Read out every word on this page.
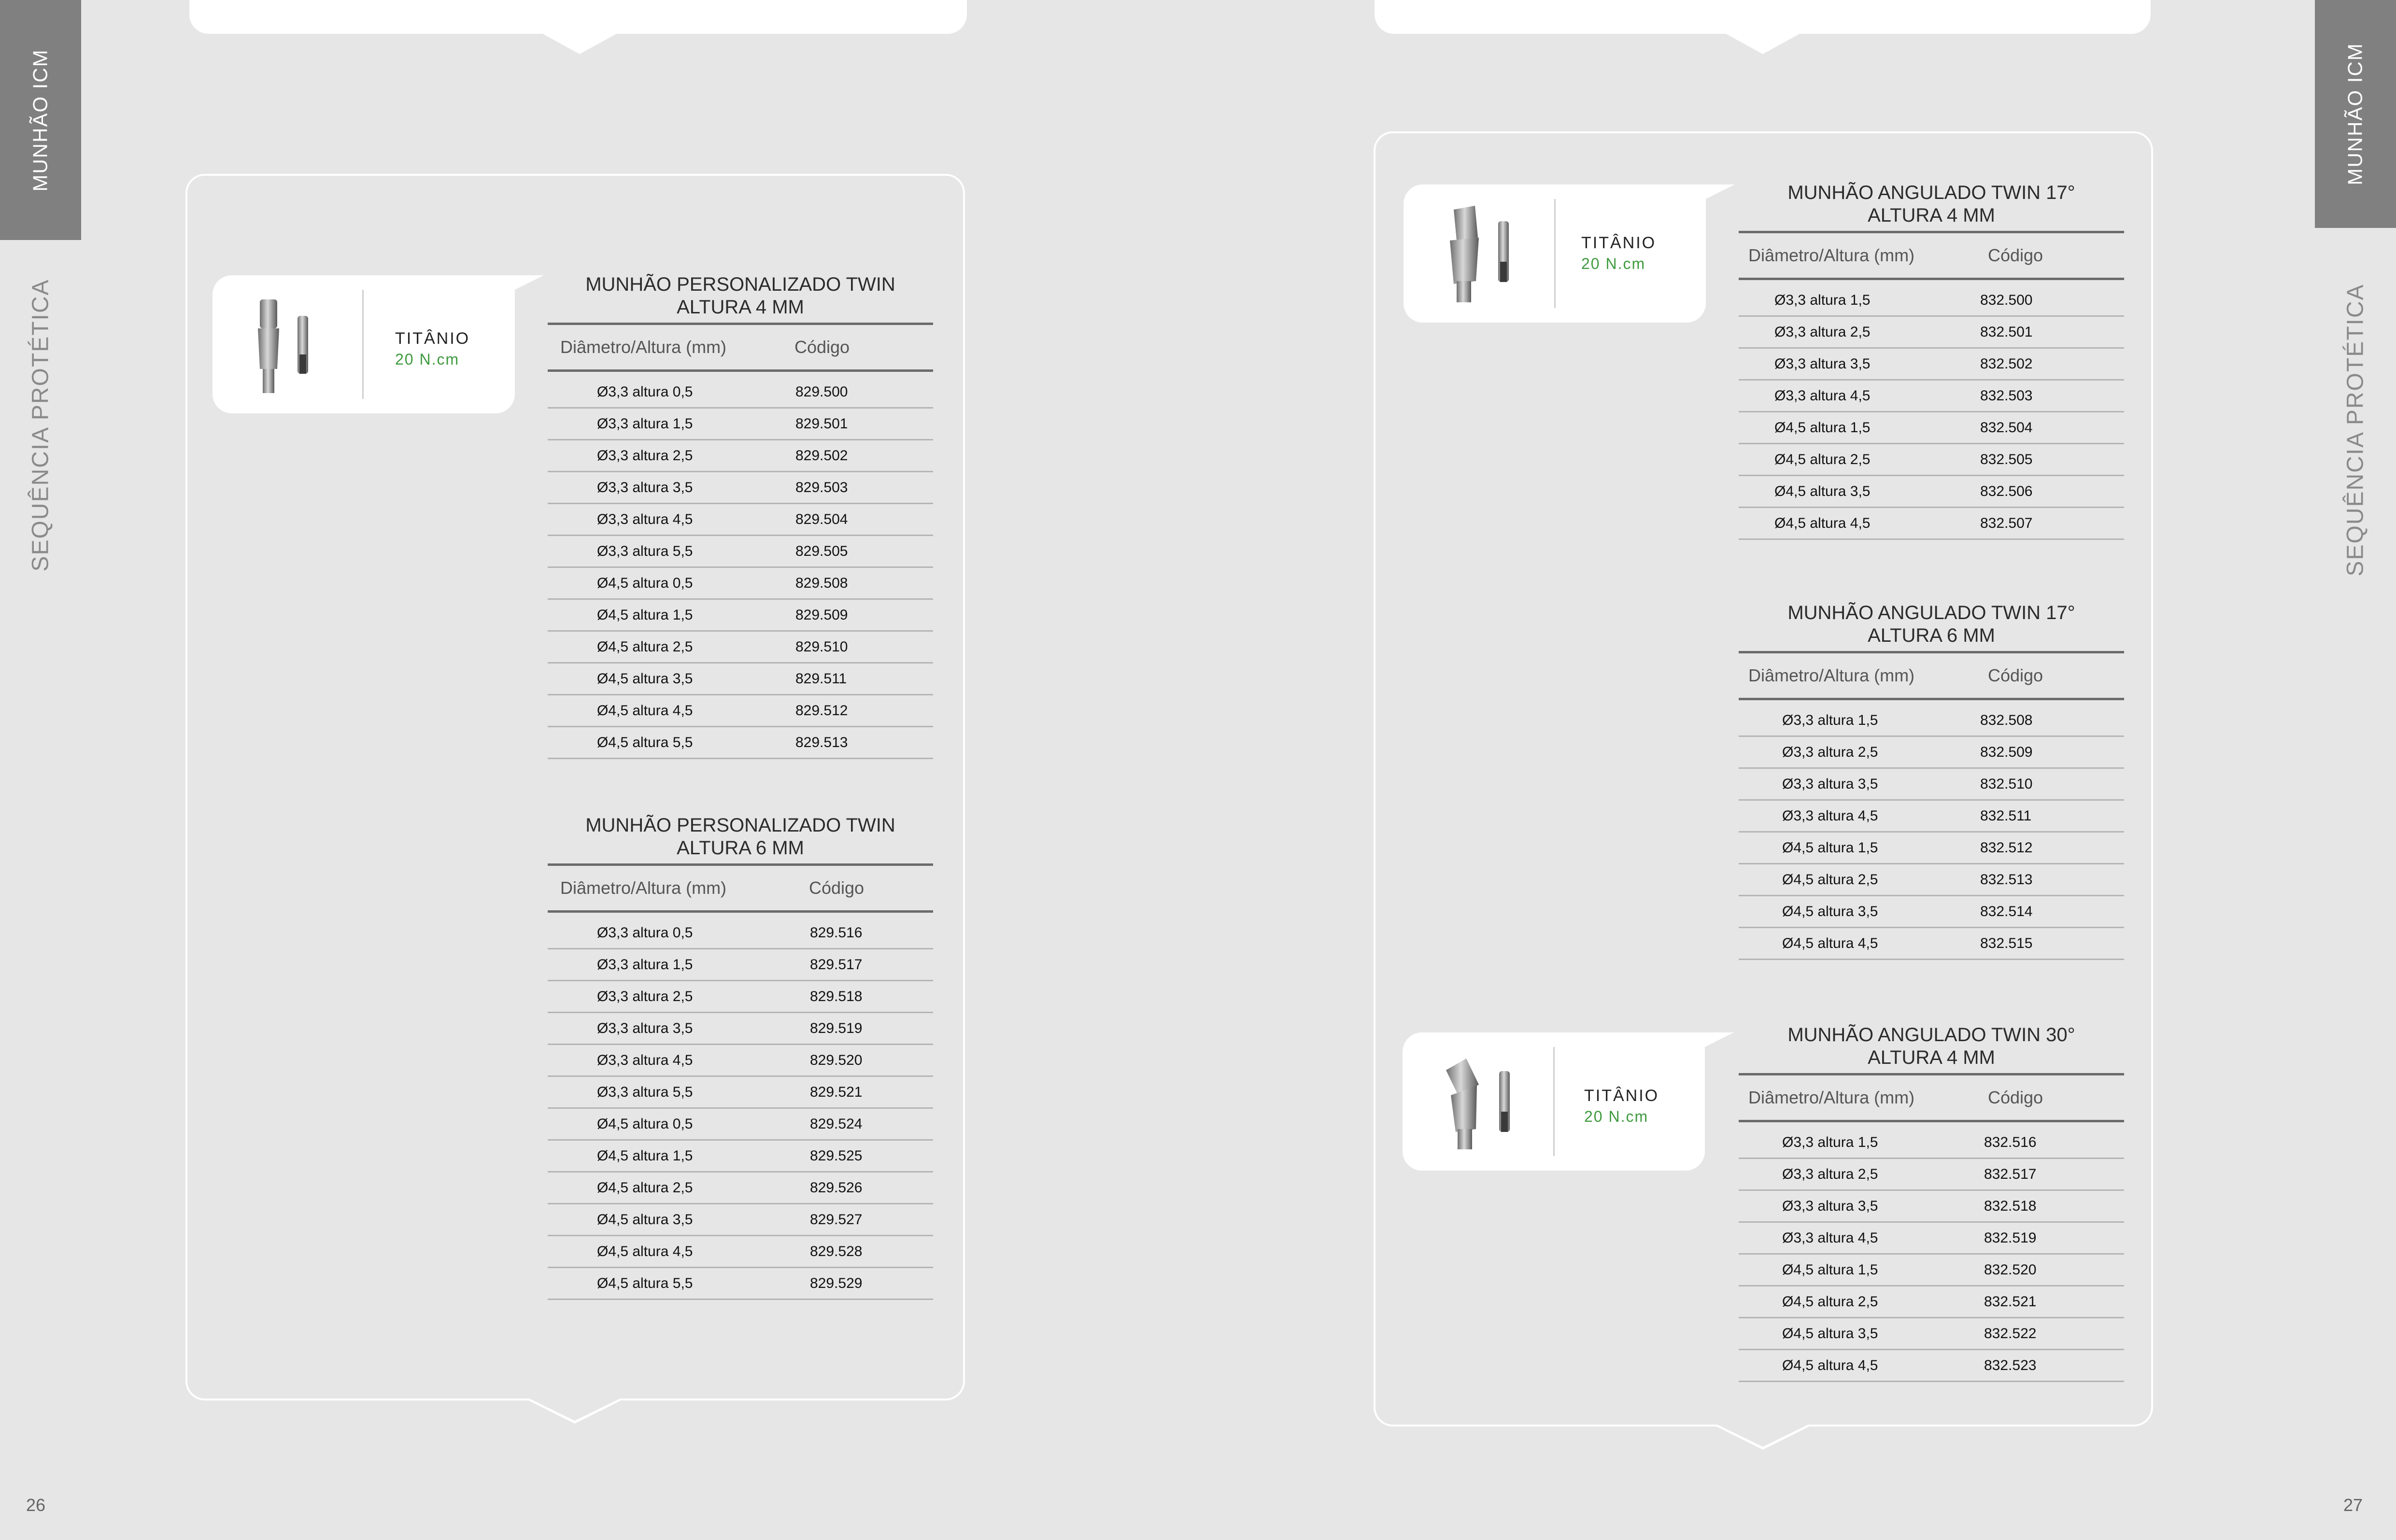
MUNHÃO ICM
SEQUÊNCIA PROTÉTICA	TITÂNIO
20 N.cm
MUNHÃO PERSONALIZADO TWIN
ALTURA 4 MM
Diâmetro/Altura (mm)	Código
Ø3,3 altura 0,5	829.500
Ø3,3 altura 1,5	829.501
Ø3,3 altura 2,5	829.502
Ø3,3 altura 3,5	829.503
Ø3,3 altura 4,5	829.504
Ø3,3 altura 5,5	829.505
Ø4,5 altura 0,5	829.508
Ø4,5 altura 1,5	829.509
Ø4,5 altura 2,5	829.510
Ø4,5 altura 3,5	829.511
Ø4,5 altura 4,5	829.512
Ø4,5 altura 5,5	829.513
MUNHÃO PERSONALIZADO TWIN
ALTURA 6 MM
Diâmetro/Altura (mm)	Código
Ø3,3 altura 0,5	829.516
Ø3,3 altura 1,5	829.517
Ø3,3 altura 2,5	829.518
Ø3,3 altura 3,5	829.519
Ø3,3 altura 4,5	829.520
Ø3,3 altura 5,5	829.521
Ø4,5 altura 0,5	829.524
Ø4,5 altura 1,5	829.525
Ø4,5 altura 2,5	829.526
Ø4,5 altura 3,5	829.527
Ø4,5 altura 4,5	829.528
Ø4,5 altura 5,5	829.529
26
MUNHÃO ICM
SEQUÊNCIA PROTÉTICA
TITÂNIO
20 N.cm
TITÂNIO
20 N.cm
MUNHÃO ANGULADO TWIN 17°
ALTURA 4 MM
Diâmetro/Altura (mm)	Código
Ø3,3 altura 1,5	832.500
Ø3,3 altura 2,5	832.501
Ø3,3 altura 3,5	832.502
Ø3,3 altura 4,5	832.503
Ø4,5 altura 1,5	832.504
Ø4,5 altura 2,5	832.505
Ø4,5 altura 3,5	832.506
Ø4,5 altura 4,5	832.507
MUNHÃO ANGULADO TWIN 17°
ALTURA 6 MM
Diâmetro/Altura (mm)	Código
Ø3,3 altura 1,5	832.508
Ø3,3 altura 2,5	832.509
Ø3,3 altura 3,5	832.510
Ø3,3 altura 4,5	832.511
Ø4,5 altura 1,5	832.512
Ø4,5 altura 2,5	832.513
Ø4,5 altura 3,5	832.514
Ø4,5 altura 4,5	832.515
MUNHÃO ANGULADO TWIN 30°
ALTURA 4 MM
Diâmetro/Altura (mm)	Código
Ø3,3 altura 1,5	832.516
Ø3,3 altura 2,5	832.517
Ø3,3 altura 3,5	832.518
Ø3,3 altura 4,5	832.519
Ø4,5 altura 1,5	832.520
Ø4,5 altura 2,5	832.521
Ø4,5 altura 3,5	832.522
Ø4,5 altura 4,5	832.523
27
